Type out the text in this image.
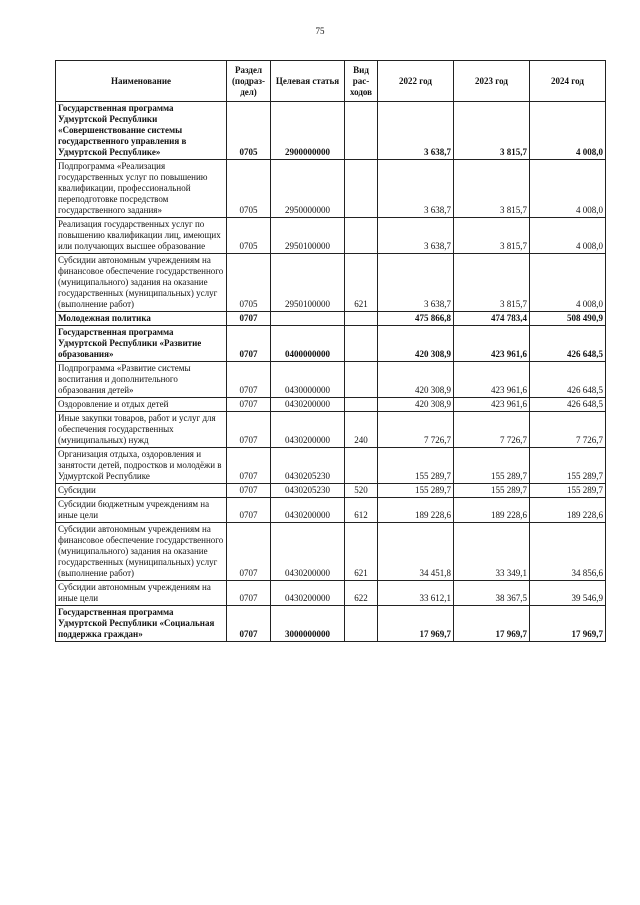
75
Наименование	Раздел (подраз-дел)	Целевая статья	Вид рас-ходов	2022 год	2023 год	2024 год
Государственная программа Удмуртской Республики «Совершенствование системы государственного управления в Удмуртской Республике»	0705	2900000000		3 638,7	3 815,7	4 008,0
Подпрограмма «Реализация государственных услуг по повышению квалификации, профессиональной переподготовке посредством государственного задания»	0705	2950000000		3 638,7	3 815,7	4 008,0
Реализация государственных услуг по повышению квалификации лиц, имеющих или получающих высшее образование	0705	2950100000		3 638,7	3 815,7	4 008,0
Субсидии автономным учреждениям на финансовое обеспечение государственного (муниципального) задания на оказание государственных (муниципальных) услуг (выполнение работ)	0705	2950100000	621	3 638,7	3 815,7	4 008,0
Молодежная политика	0707			475 866,8	474 783,4	508 490,9
Государственная программа Удмуртской Республики «Развитие образования»	0707	0400000000		420 308,9	423 961,6	426 648,5
Подпрограмма «Развитие системы воспитания и дополнительного образования детей»	0707	0430000000		420 308,9	423 961,6	426 648,5
Оздоровление и отдых детей	0707	0430200000		420 308,9	423 961,6	426 648,5
Иные закупки товаров, работ и услуг для обеспечения государственных (муниципальных) нужд	0707	0430200000	240	7 726,7	7 726,7	7 726,7
Организация отдыха, оздоровления и занятости детей, подростков и молодёжи в Удмуртской Республике	0707	0430205230		155 289,7	155 289,7	155 289,7
Субсидии	0707	0430205230	520	155 289,7	155 289,7	155 289,7
Субсидии бюджетным учреждениям на иные цели	0707	0430200000	612	189 228,6	189 228,6	189 228,6
Субсидии автономным учреждениям на финансовое обеспечение государственного (муниципального) задания на оказание государственных (муниципальных) услуг (выполнение работ)	0707	0430200000	621	34 451,8	33 349,1	34 856,6
Субсидии автономным учреждениям на иные цели	0707	0430200000	622	33 612,1	38 367,5	39 546,9
Государственная программа Удмуртской Республики «Социальная поддержка граждан»	0707	3000000000		17 969,7	17 969,7	17 969,7
